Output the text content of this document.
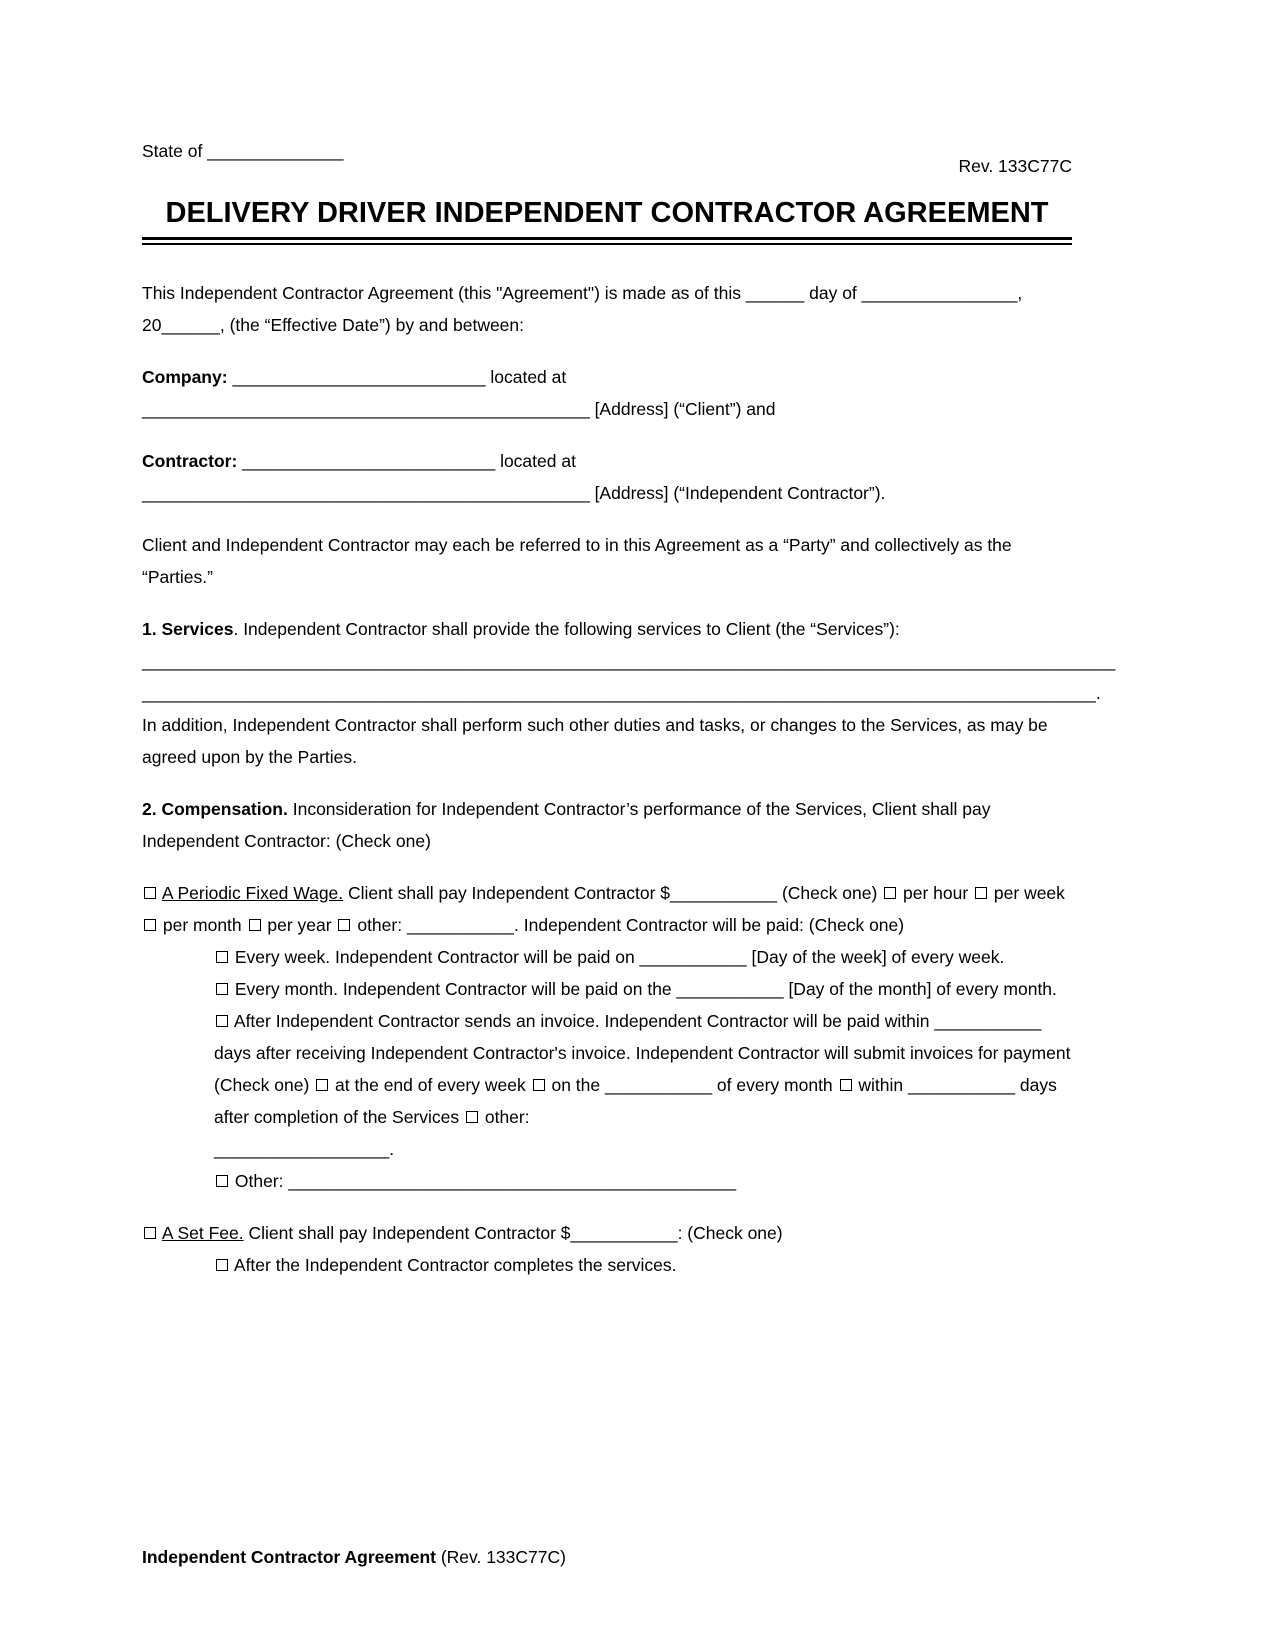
State of ______________
Rev. 133C77C
DELIVERY DRIVER INDEPENDENT CONTRACTOR AGREEMENT
This Independent Contractor Agreement (this "Agreement") is made as of this ______ day of ________________, 20______, (the “Effective Date”) by and between:
Company: __________________________ located at
______________________________________________ [Address] (“Client”) and
Contractor: __________________________ located at
______________________________________________ [Address] (“Independent Contractor”).
Client and Independent Contractor may each be referred to in this Agreement as a “Party” and collectively as the “Parties.”
1. Services. Independent Contractor shall provide the following services to Client (the “Services”):
____________________________________________________________________________________________________
__________________________________________________________________________________________________.
In addition, Independent Contractor shall perform such other duties and tasks, or changes to the Services, as may be agreed upon by the Parties.
2. Compensation. Inconsideration for Independent Contractor’s performance of the Services, Client shall pay Independent Contractor: (Check one)
A Periodic Fixed Wage. Client shall pay Independent Contractor $___________ (Check one)  per hour  per week  per month  per year  other: ___________. Independent Contractor will be paid: (Check one)
Every week. Independent Contractor will be paid on ___________ [Day of the week] of every week.
Every month. Independent Contractor will be paid on the ___________ [Day of the month] of every month.
After Independent Contractor sends an invoice. Independent Contractor will be paid within ___________ days after receiving Independent Contractor's invoice. Independent Contractor will submit invoices for payment (Check one)  at the end of every week  on the ___________ of every month  within ___________ days after completion of the Services  other:
__________________.
Other: ______________________________________________
A Set Fee. Client shall pay Independent Contractor $___________: (Check one)
After the Independent Contractor completes the services.
Independent Contractor Agreement (Rev. 133C77C)
